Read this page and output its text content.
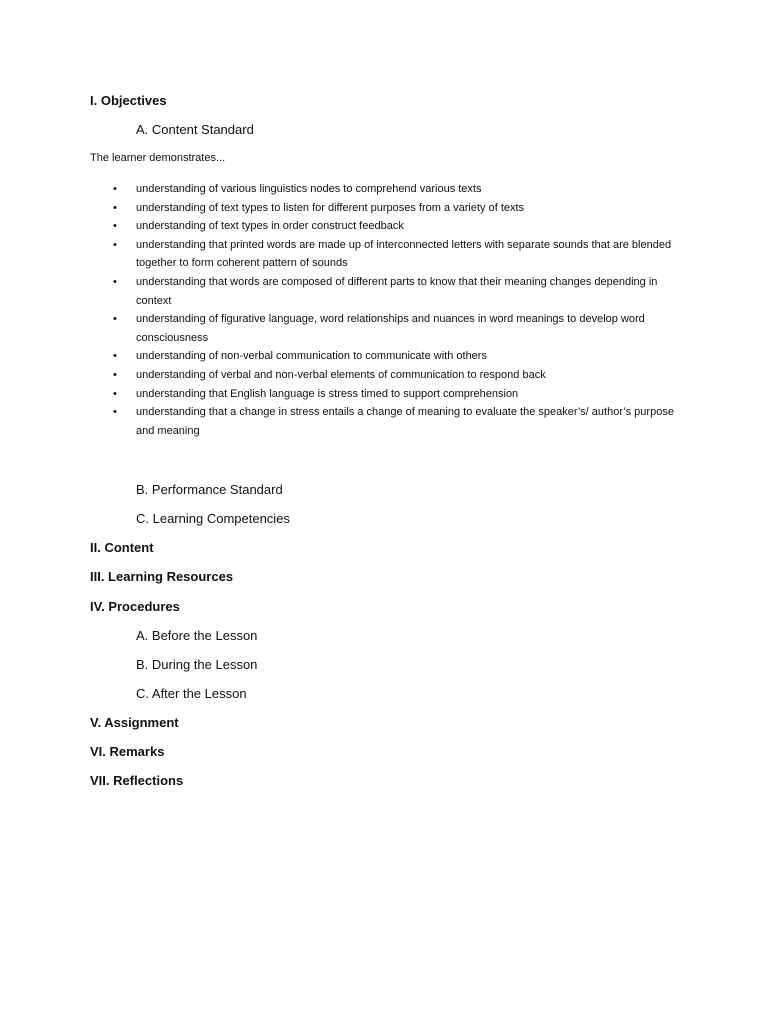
I. Objectives
A. Content Standard
The learner demonstrates...
• understanding of various linguistics nodes to comprehend various texts
• understanding of text types to listen for different purposes from a variety of texts
• understanding of text types in order construct feedback
• understanding that printed words are made up of interconnected letters with separate sounds that are blended together to form coherent pattern of sounds
• understanding that words are composed of different parts to know that their meaning changes depending in context
• understanding of figurative language, word relationships and nuances in word meanings to develop word consciousness
• understanding of non-verbal communication to communicate with others
• understanding of verbal and non-verbal elements of communication to respond back
• understanding that English language is stress timed to support comprehension
• understanding that a change in stress entails a change of meaning to evaluate the speaker’s/ author’s purpose and meaning
B. Performance Standard
C. Learning Competencies
II. Content
III. Learning Resources
IV. Procedures
A. Before the Lesson
B. During the Lesson
C. After the Lesson
V. Assignment
VI. Remarks
VII. Reflections
